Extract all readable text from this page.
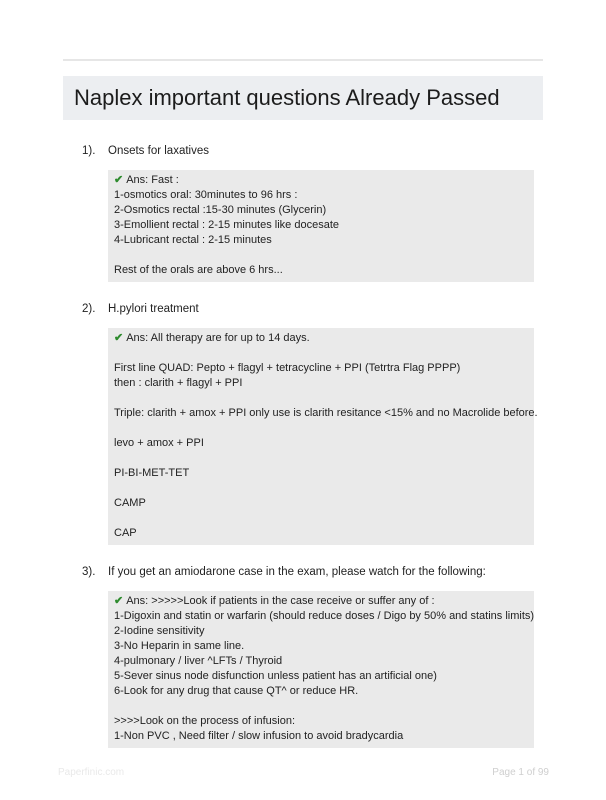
Naplex important questions Already Passed
1). Onsets for laxatives
✔ Ans: Fast :
1-osmotics oral: 30minutes to 96 hrs :
2-Osmotics rectal :15-30 minutes (Glycerin)
3-Emollient rectal : 2-15 minutes like docesate
4-Lubricant rectal : 2-15 minutes
Rest of the orals are above 6 hrs...
2). H.pylori treatment
✔ Ans: All therapy are for up to 14 days.
First line QUAD: Pepto + flagyl + tetracycline + PPI (Tetrtra Flag PPPP)
then : clarith + flagyl + PPI
Triple: clarith + amox + PPI only use is clarith resitance <15% and no Macrolide before.
levo + amox + PPI
PI-BI-MET-TET
CAMP
CAP
3). If you get an amiodarone case in the exam, please watch for the following:
✔ Ans: >>>>>Look if patients in the case receive or suffer any of :
1-Digoxin and statin or warfarin (should reduce doses / Digo by 50% and statins limits)
2-Iodine sensitivity
3-No Heparin in same line.
4-pulmonary / liver ^LFTs / Thyroid
5-Sever sinus node disfunction unless patient has an artificial one)
6-Look for any drug that cause QT^ or reduce HR.
>>>>Look on the process of infusion:
1-Non PVC , Need filter / slow infusion to avoid bradycardia
Paperfinic.com	Page 1 of 99
